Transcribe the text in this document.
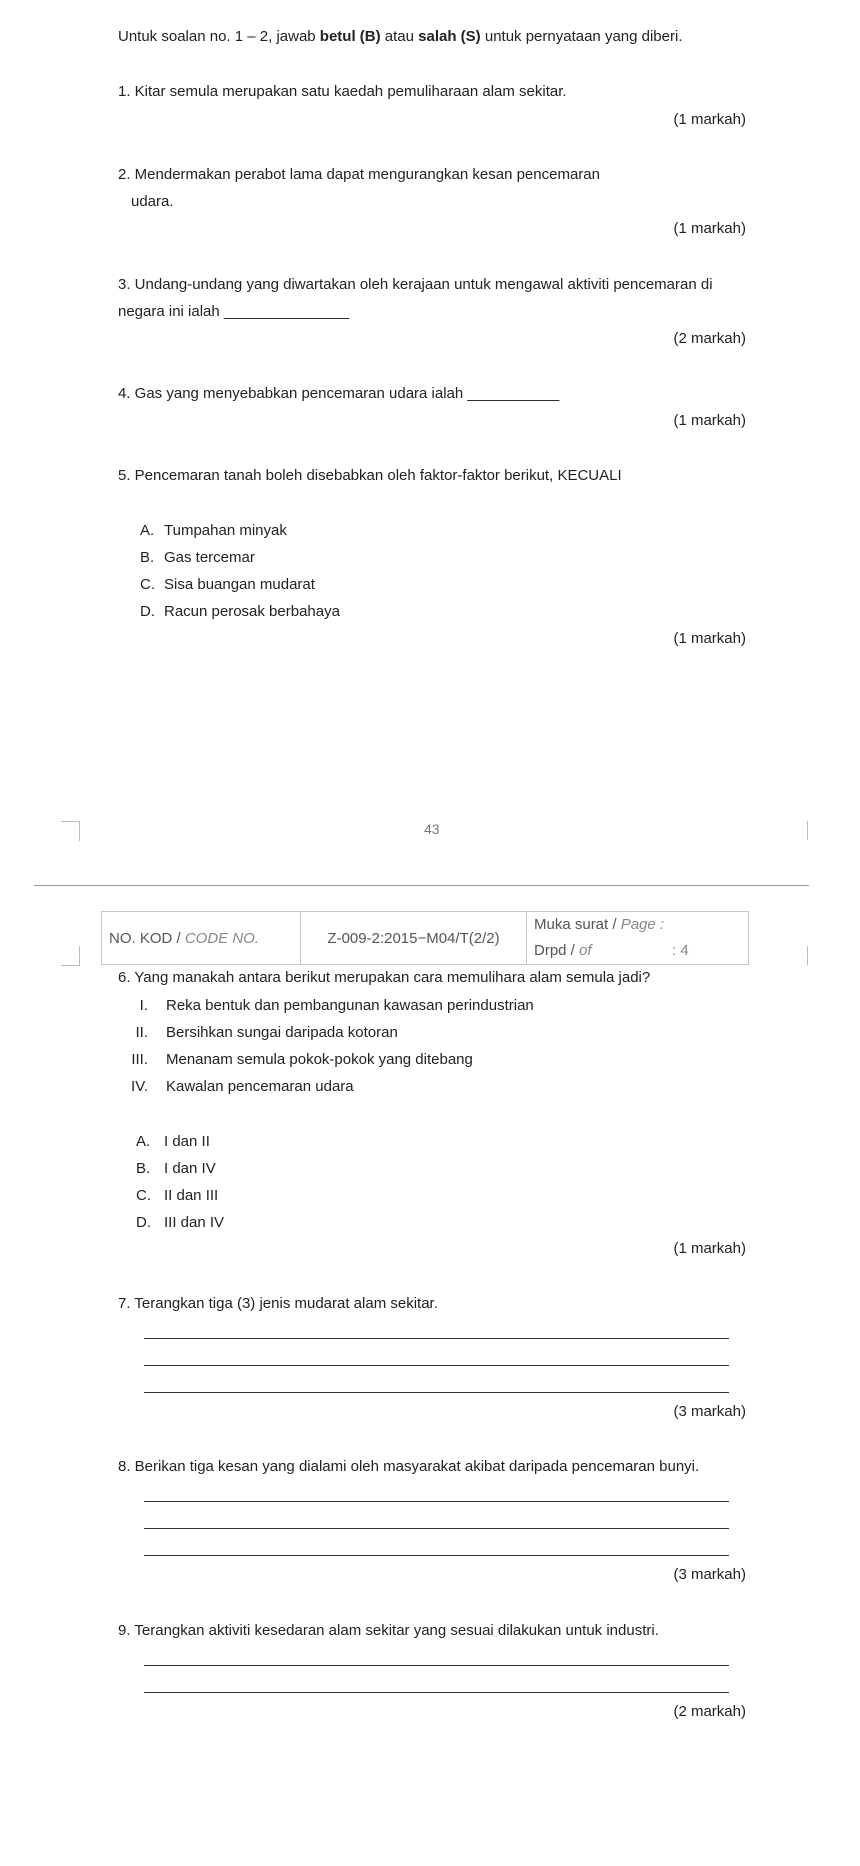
Untuk soalan no. 1 – 2, jawab betul (B) atau salah (S) untuk pernyataan yang diberi.
1. Kitar semula merupakan satu kaedah pemuliharaan alam sekitar.
(1 markah)
2. Mendermakan perabot lama dapat mengurangkan kesan pencemaran
udara.
(1 markah)
3. Undang-undang yang diwartakan oleh kerajaan untuk mengawal aktiviti pencemaran di
negara ini ialah _______________
(2 markah)
4. Gas yang menyebabkan pencemaran udara ialah ___________
(1 markah)
5. Pencemaran tanah boleh disebabkan oleh faktor-faktor berikut, KECUALI
A. Tumpahan minyak
B. Gas tercemar
C. Sisa buangan mudarat
D. Racun perosak berbahaya
(1 markah)
43
NO. KOD / CODE NO.	Z-009-2:2015−M04/T(2/2)
Muka surat / Page :
Drpd / of	: 4
6. Yang manakah antara berikut merupakan cara memulihara alam semula jadi?
I. Reka bentuk dan pembangunan kawasan perindustrian
II. Bersihkan sungai daripada kotoran
III. Menanam semula pokok-pokok yang ditebang
IV. Kawalan pencemaran udara
A. I dan II
B. I dan IV
C. II dan III
D. III dan IV
(1 markah)
7. Terangkan tiga (3) jenis mudarat alam sekitar.
(3 markah)
8. Berikan tiga kesan yang dialami oleh masyarakat akibat daripada pencemaran bunyi.
(3 markah)
9. Terangkan aktiviti kesedaran alam sekitar yang sesuai dilakukan untuk industri.
(2 markah)
